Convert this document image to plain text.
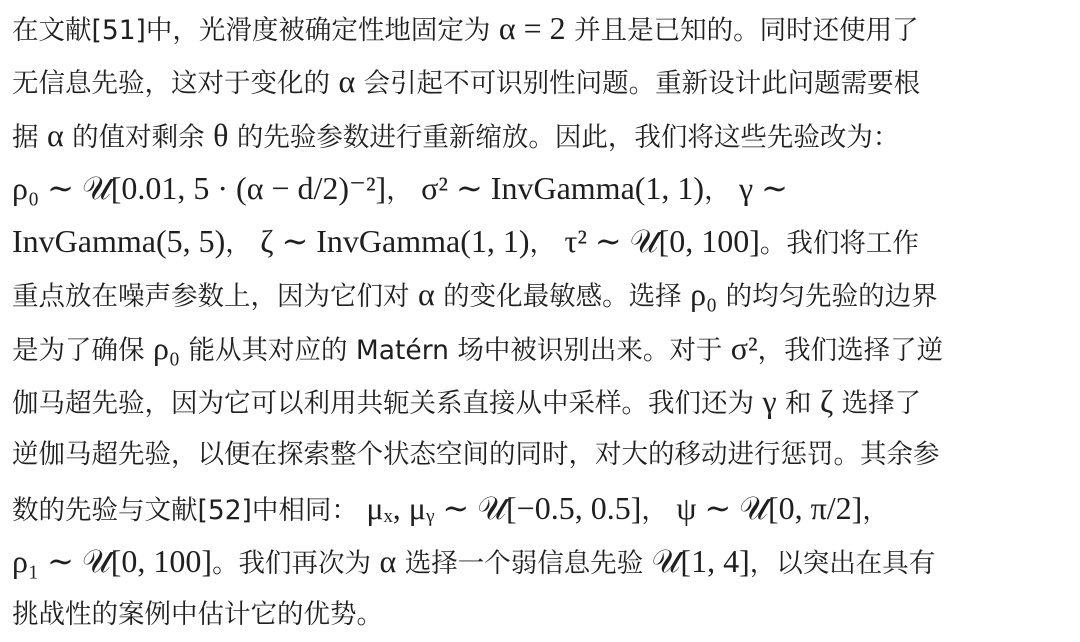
在文献[51]中，光滑度被确定性地固定为 α = 2 并且是已知的。同时还使用了
无信息先验，这对于变化的 α 会引起不可识别性问题。重新设计此问题需要根
据 α 的值对剩余 θ 的先验参数进行重新缩放。因此，我们将这些先验改为：
ρ₀ ∼ 𝒰[0.01, 5 · (α − d/2)⁻²]， σ² ∼ InvGamma(1, 1)， γ ∼
InvGamma(5, 5)， ζ ∼ InvGamma(1, 1)， τ² ∼ 𝒰[0, 100]。我们将工作
重点放在噪声参数上，因为它们对 α 的变化最敏感。选择 ρ₀ 的均匀先验的边界
是为了确保 ρ₀ 能从其对应的 Matérn 场中被识别出来。对于 σ²，我们选择了逆
伽马超先验，因为它可以利用共轭关系直接从中采样。我们还为 γ 和 ζ 选择了
逆伽马超先验，以便在探索整个状态空间的同时，对大的移动进行惩罚。其余参
数的先验与文献[52]中相同： μₓ, μᵧ ∼ 𝒰[−0.5, 0.5]， ψ ∼ 𝒰[0, π/2]，
ρ₁ ∼ 𝒰[0, 100]。我们再次为 α 选择一个弱信息先验 𝒰[1, 4]，以突出在具有
挑战性的案例中估计它的优势。
